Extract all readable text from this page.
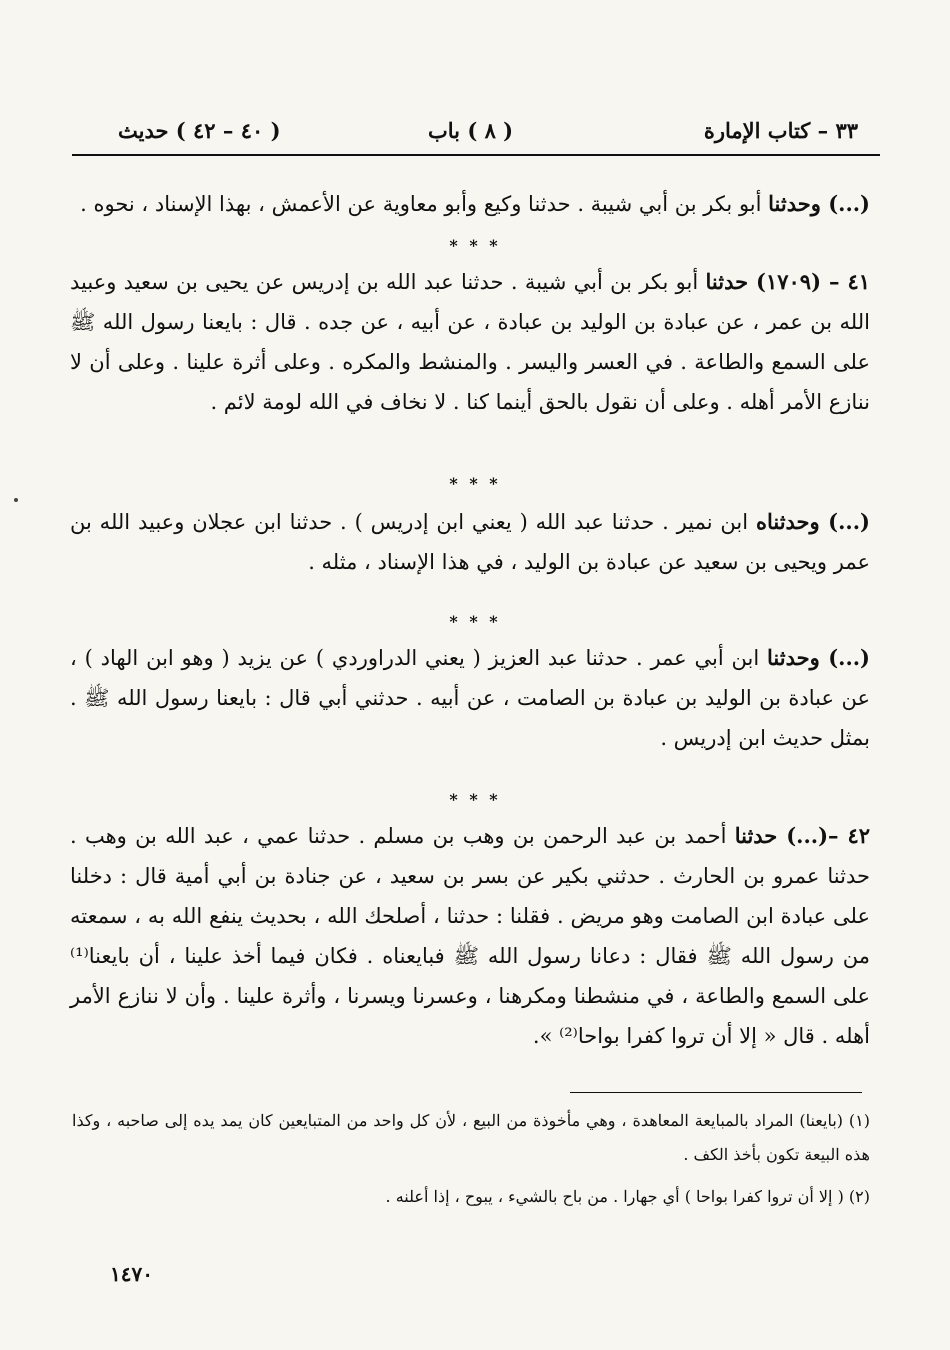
٣٣ – كتاب الإمارة
( ٨ ) باب
( ٤٠ – ٤٢ ) حديث

(...) وحدثنا أبو بكر بن أبي شيبة . حدثنا وكيع وأبو معاوية عن الأعمش ، بهذا الإسناد ، نحوه .

* * *

٤١ – (١٧٠٩) حدثنا أبو بكر بن أبي شيبة . حدثنا عبد الله بن إدريس عن يحيى بن سعيد وعبيد الله بن عمر ، عن عبادة بن الوليد بن عبادة ، عن أبيه ، عن جده . قال : بايعنا رسول الله ﷺ على السمع والطاعة . في العسر واليسر . والمنشط والمكره . وعلى أثرة علينا . وعلى أن لا ننازع الأمر أهله . وعلى أن نقول بالحق أينما كنا . لا نخاف في الله لومة لائم .

* * *

(...) وحدثناه ابن نمير . حدثنا عبد الله ( يعني ابن إدريس ) . حدثنا ابن عجلان وعبيد الله بن عمر ويحيى بن سعيد عن عبادة بن الوليد ، في هذا الإسناد ، مثله .

* * *

(...) وحدثنا ابن أبي عمر . حدثنا عبد العزيز ( يعني الدراوردي ) عن يزيد ( وهو ابن الهاد ) ، عن عبادة بن الوليد بن عبادة بن الصامت ، عن أبيه . حدثني أبي قال : بايعنا رسول الله ﷺ . بمثل حديث ابن إدريس .

* * *

٤٢ –(...) حدثنا أحمد بن عبد الرحمن بن وهب بن مسلم . حدثنا عمي ، عبد الله بن وهب . حدثنا عمرو بن الحارث . حدثني بكير عن بسر بن سعيد ، عن جنادة بن أبي أمية قال : دخلنا على عبادة ابن الصامت وهو مريض . فقلنا : حدثنا ، أصلحك الله ، بحديث ينفع الله به ، سمعته من رسول الله ﷺ فقال : دعانا رسول الله ﷺ فبايعناه . فكان فيما أخذ علينا ، أن بايعنا⁽¹⁾ على السمع والطاعة ، في منشطنا ومكرهنا ، وعسرنا ويسرنا ، وأثرة علينا . وأن لا ننازع الأمر أهله . قال « إلا أن تروا كفرا بواحا⁽²⁾ ».

(١) (بايعنا) المراد بالمبايعة المعاهدة ، وهي مأخوذة من البيع ، لأن كل واحد من المتبايعين كان يمد يده إلى صاحبه ، وكذا هذه البيعة تكون بأخذ الكف .

(٢) ( إلا أن تروا كفرا بواحا ) أي جهارا . من باح بالشيء ، يبوح ، إذا أعلنه .

١٤٧٠
